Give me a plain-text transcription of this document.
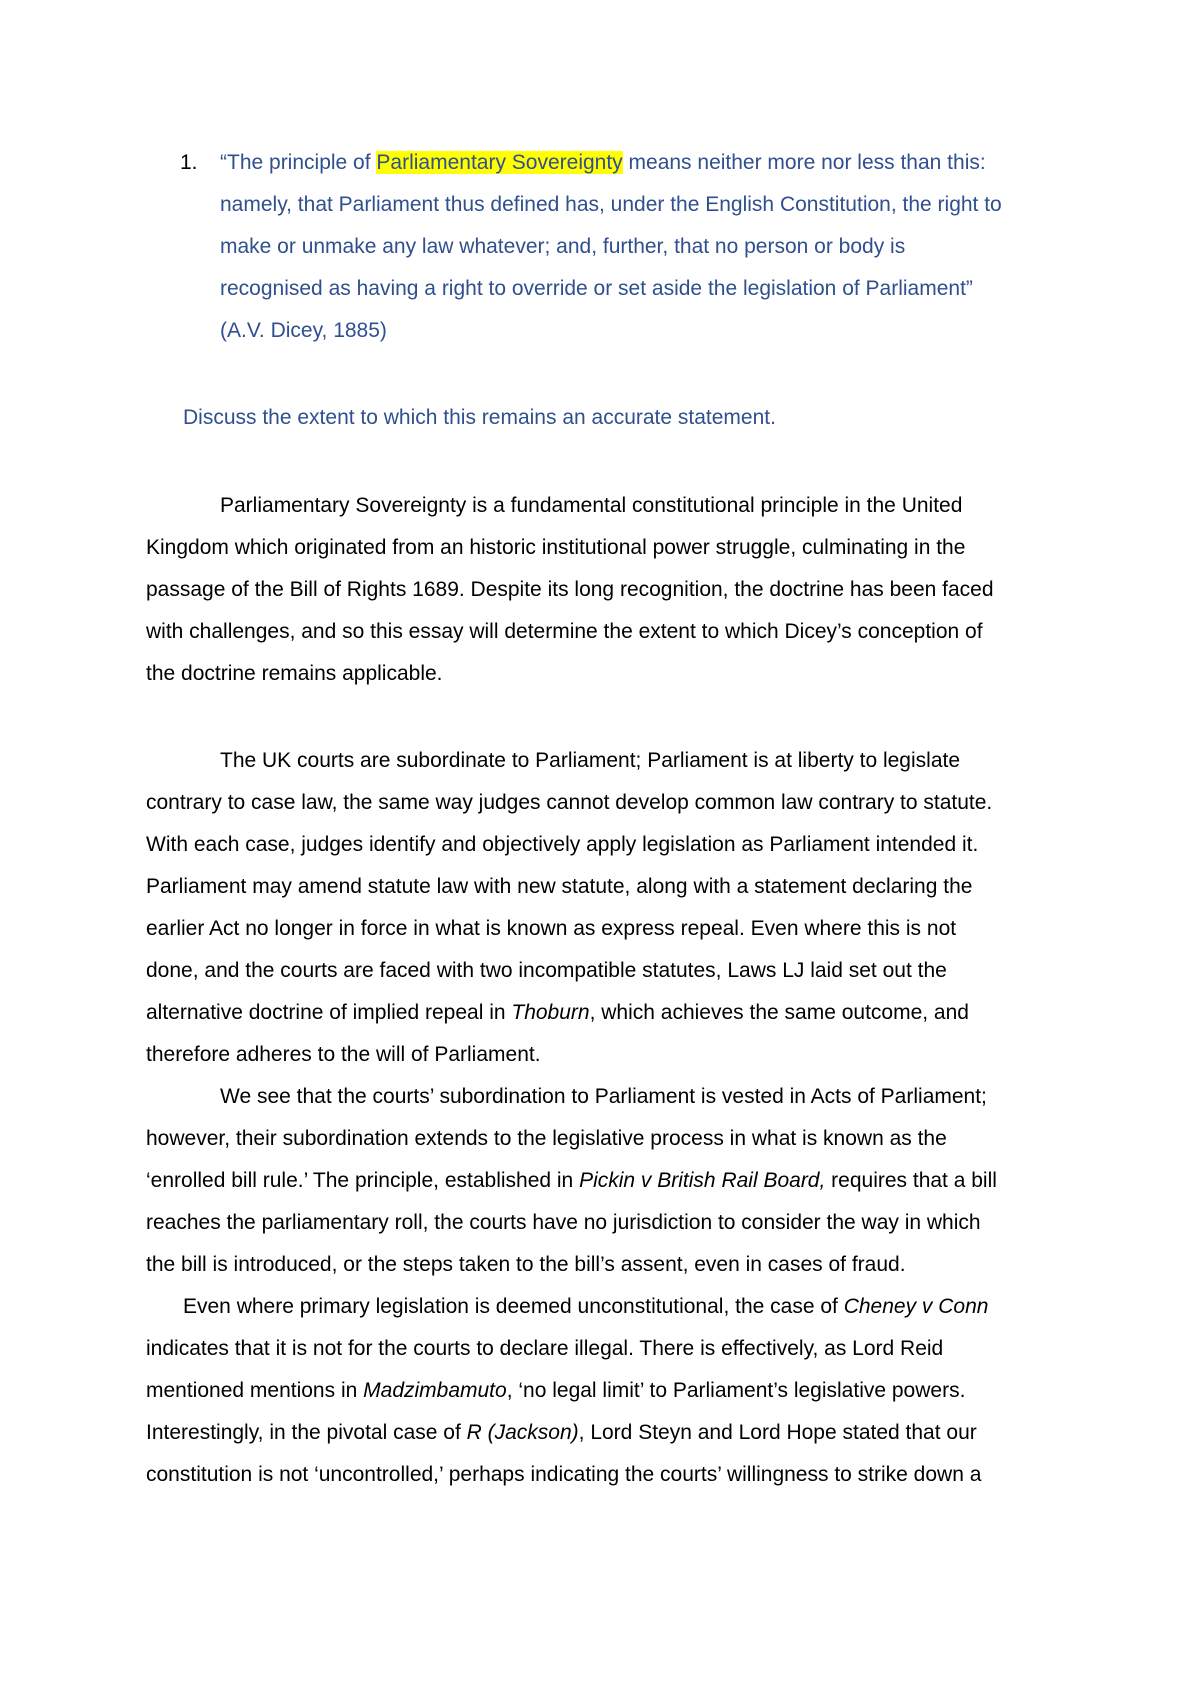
1. “The principle of Parliamentary Sovereignty means neither more nor less than this:
namely, that Parliament thus defined has, under the English Constitution, the right to
make or unmake any law whatever; and, further, that no person or body is
recognised as having a right to override or set aside the legislation of Parliament”
(A.V. Dicey, 1885)
Discuss the extent to which this remains an accurate statement.
Parliamentary Sovereignty is a fundamental constitutional principle in the United
Kingdom which originated from an historic institutional power struggle, culminating in the
passage of the Bill of Rights 1689. Despite its long recognition, the doctrine has been faced
with challenges, and so this essay will determine the extent to which Dicey’s conception of
the doctrine remains applicable.
The UK courts are subordinate to Parliament; Parliament is at liberty to legislate
contrary to case law, the same way judges cannot develop common law contrary to statute.
With each case, judges identify and objectively apply legislation as Parliament intended it.
Parliament may amend statute law with new statute, along with a statement declaring the
earlier Act no longer in force in what is known as express repeal. Even where this is not
done, and the courts are faced with two incompatible statutes, Laws LJ laid set out the
alternative doctrine of implied repeal in Thoburn, which achieves the same outcome, and
therefore adheres to the will of Parliament.
We see that the courts’ subordination to Parliament is vested in Acts of Parliament;
however, their subordination extends to the legislative process in what is known as the
‘enrolled bill rule.’ The principle, established in Pickin v British Rail Board, requires that a bill
reaches the parliamentary roll, the courts have no jurisdiction to consider the way in which
the bill is introduced, or the steps taken to the bill’s assent, even in cases of fraud.
Even where primary legislation is deemed unconstitutional, the case of Cheney v Conn
indicates that it is not for the courts to declare illegal. There is effectively, as Lord Reid
mentioned mentions in Madzimbamuto, ‘no legal limit’ to Parliament’s legislative powers.
Interestingly, in the pivotal case of R (Jackson), Lord Steyn and Lord Hope stated that our
constitution is not ‘uncontrolled,’ perhaps indicating the courts’ willingness to strike down a
